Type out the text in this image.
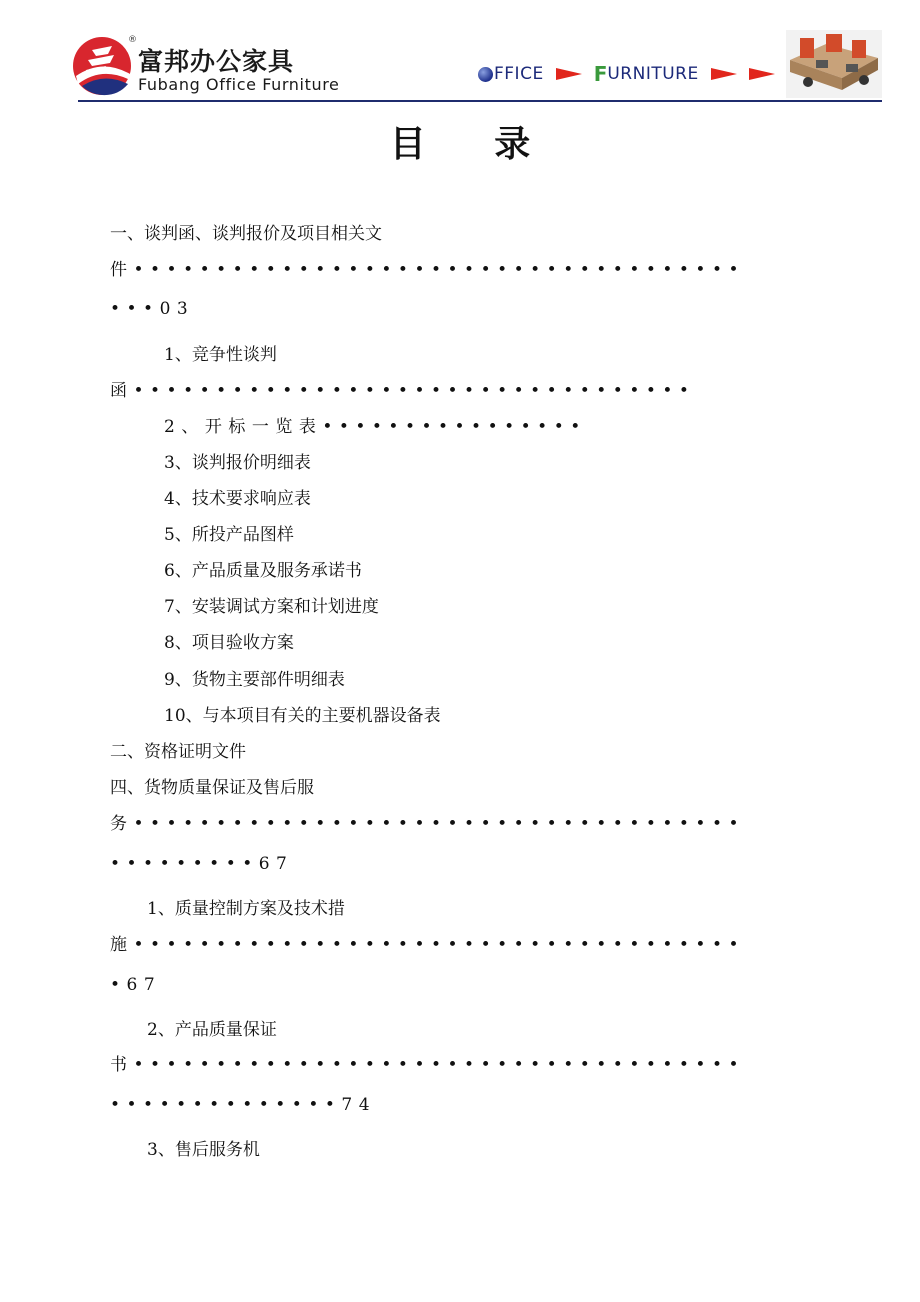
®
富邦办公家具
Fubang Office Furniture
FFICE	F URNITURE
目 录
一、谈判函、谈判报价及项目相关文
件•••••••••••••••••••••••••••••••••••••
•••03
1、竞争性谈判
函••••••••••••••••••••••••••••••••••
2、开标一览表••••••••••••••••
3、谈判报价明细表
4、技术要求响应表
5、所投产品图样
6、产品质量及服务承诺书
7、安装调试方案和计划进度
8、项目验收方案
9、货物主要部件明细表
10、与本项目有关的主要机器设备表
二、资格证明文件
四、货物质量保证及售后服
务•••••••••••••••••••••••••••••••••••••
•••••••••67
1、质量控制方案及技术措
施•••••••••••••••••••••••••••••••••••••
•67
2、产品质量保证
书•••••••••••••••••••••••••••••••••••••
••••••••••••••74
3、售后服务机
